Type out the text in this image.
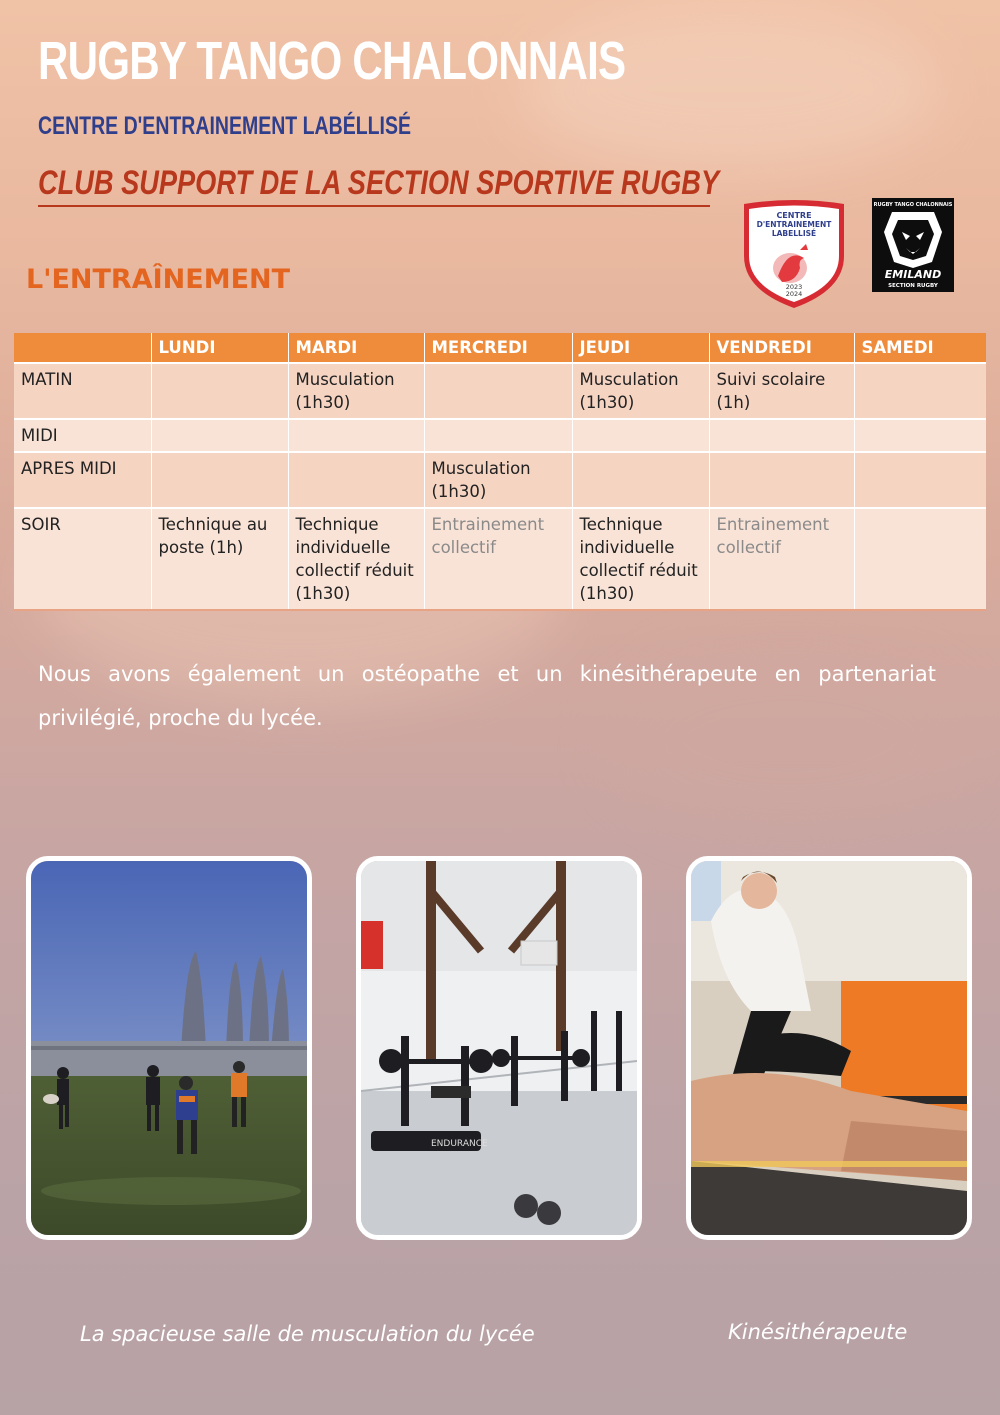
RUGBY TANGO CHALONNAIS
CENTRE D'ENTRAINEMENT LABÉLLISÉ
CLUB SUPPORT DE LA SECTION SPORTIVE RUGBY
L'ENTRAÎNEMENT
CENTRE
D'ENTRAINEMENT
LABELLISÉ
2023
2024
RUGBY TANGO CHALONNAIS
EMILAND
SECTION RUGBY
	LUNDI	MARDI	MERCREDI	JEUDI	VENDREDI	SAMEDI
MATIN		Musculation (1h30)		Musculation (1h30)	Suivi scolaire (1h)	
MIDI						
APRES MIDI			Musculation (1h30)			
SOIR	Technique au poste (1h)	Technique individuelle collectif réduit (1h30)	Entrainement collectif	Technique individuelle collectif réduit (1h30)	Entrainement collectif	
Nous avons également un ostéopathe et un kinésithérapeute en partenariat privilégié, proche du lycée.
ENDURANCE
La spacieuse salle de musculation du lycée	Kinésithérapeute
